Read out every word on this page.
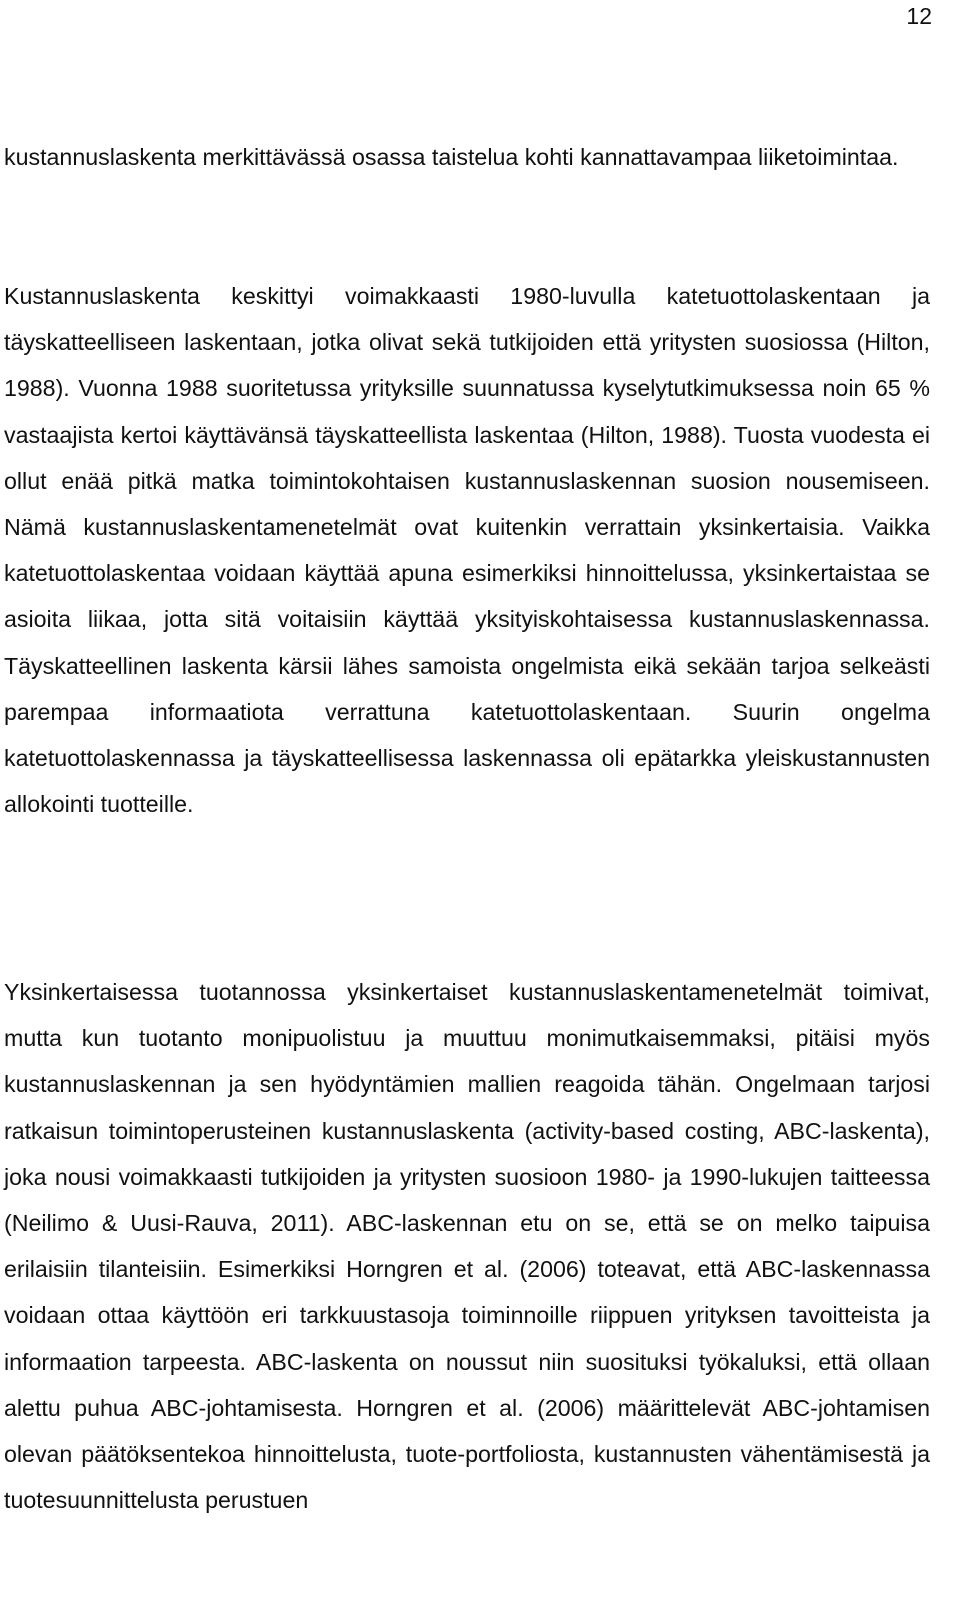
12

kustannuslaskenta merkittävässä osassa taistelua kohti kannattavampaa liiketoimintaa.

Kustannuslaskenta keskittyi voimakkaasti 1980-luvulla katetuottolaskentaan ja täyskatteelliseen laskentaan, jotka olivat sekä tutkijoiden että yritysten suosiossa (Hilton, 1988). Vuonna 1988 suoritetussa yrityksille suunnatussa kyselytutkimuksessa noin 65 % vastaajista kertoi käyttävänsä täyskatteellista laskentaa (Hilton, 1988). Tuosta vuodesta ei ollut enää pitkä matka toimintokohtaisen kustannuslaskennan suosion nousemiseen. Nämä kustannuslaskentamenetelmät ovat kuitenkin verrattain yksinkertaisia. Vaikka katetuottolaskentaa voidaan käyttää apuna esimerkiksi hinnoittelussa, yksinkertaistaa se asioita liikaa, jotta sitä voitaisiin käyttää yksityiskohtaisessa kustannuslaskennassa. Täyskatteellinen laskenta kärsii lähes samoista ongelmista eikä sekään tarjoa selkeästi parempaa informaatiota verrattuna katetuottolaskentaan. Suurin ongelma katetuottolaskennassa ja täyskatteellisessa laskennassa oli epätarkka yleiskustannusten allokointi tuotteille.

Yksinkertaisessa tuotannossa yksinkertaiset kustannuslaskentamenetelmät toimivat, mutta kun tuotanto monipuolistuu ja muuttuu monimutkaisemmaksi, pitäisi myös kustannuslaskennan ja sen hyödyntämien mallien reagoida tähän. Ongelmaan tarjosi ratkaisun toimintoperusteinen kustannuslaskenta (activity-based costing, ABC-laskenta), joka nousi voimakkaasti tutkijoiden ja yritysten suosioon 1980- ja 1990-lukujen taitteessa (Neilimo & Uusi-Rauva, 2011). ABC-laskennan etu on se, että se on melko taipuisa erilaisiin tilanteisiin. Esimerkiksi Horngren et al. (2006) toteavat, että ABC-laskennassa voidaan ottaa käyttöön eri tarkkuustasoja toiminnoille riippuen yrityksen tavoitteista ja informaation tarpeesta. ABC-laskenta on noussut niin suosituksi työkaluksi, että ollaan alettu puhua ABC-johtamisesta. Horngren et al. (2006) määrittelevät ABC-johtamisen olevan päätöksentekoa hinnoittelusta, tuote-portfoliosta, kustannusten vähentämisestä ja tuotesuunnittelusta perustuen
